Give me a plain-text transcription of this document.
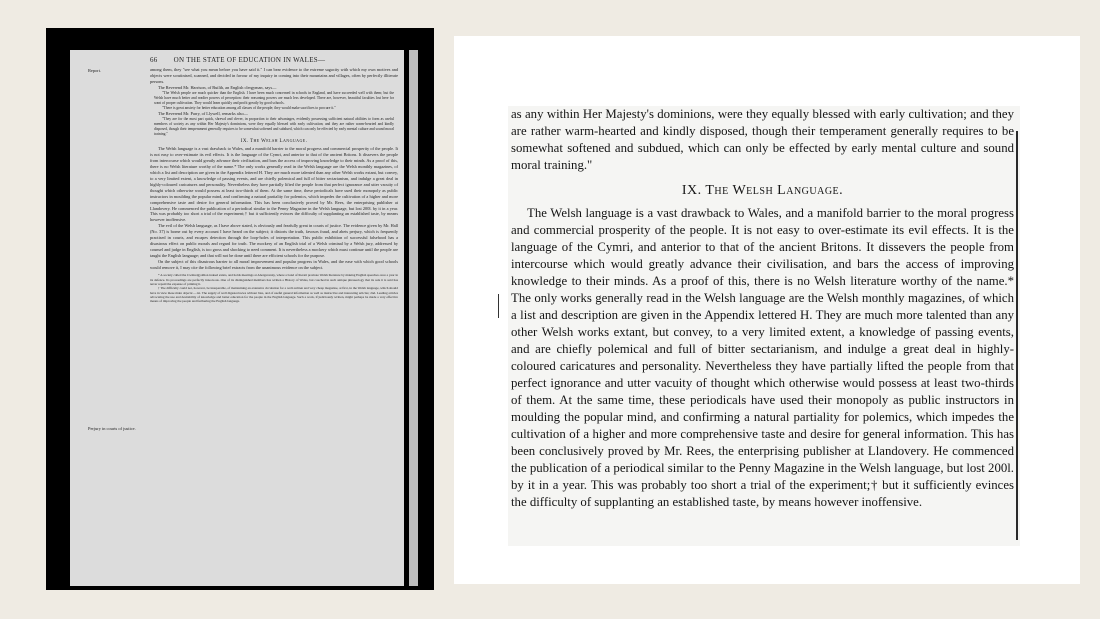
66 ON THE STATE OF EDUCATION IN WALES—
Report.
Perjury in courts of justice.

among them, they "see what you mean before you have said it." I can bear evidence to the extreme sagacity with which my own motives and objects were scrutinised, scanned, and decided in favour of my inquiry in coming into their mountains and villages, often by perfectly illiterate persons.

The Reverend Mr. Harrison, of Builth, an English clergyman, says—

"The Welsh people are much quicker than the English. I have been much concerned in schools in England, and have succeeded well with them; but the Welsh have much better and readier powers of perception: their reasoning powers are much less developed. There are, however, beautiful faculties lost here for want of proper cultivation. They would learn quickly and profit greatly by good schools.

"There is great anxiety for better education among all classes of the people; they would make sacrifices to procure it."

The Reverend Mr. Parry, of Llywell, remarks also—

"They are for the most part quick, shrewd and clever, in proportion to their advantages, evidently possessing sufficient natural abilities to form as useful members of society as any within Her Majesty's dominions, were they equally blessed with early cultivation; and they are rather warm-hearted and kindly disposed, though their temperament generally requires to be somewhat softened and subdued, which can only be effected by early mental culture and sound moral training."

IX. The Welsh Language.

The Welsh language is a vast drawback to Wales, and a manifold barrier to the moral progress and commercial prosperity of the people. It is not easy to over-estimate its evil effects. It is the language of the Cymri, and anterior to that of the ancient Britons. It dissevers the people from intercourse which would greatly advance their civilisation, and bars the access of improving knowledge to their minds. As a proof of this, there is no Welsh literature worthy of the name.* The only works generally read in the Welsh language are the Welsh monthly magazines, of which a list and description are given in the Appendix lettered H. They are much more talented than any other Welsh works extant, but convey, to a very limited extent, a knowledge of passing events, and are chiefly polemical and full of bitter sectarianism, and indulge a great deal in highly-coloured caricatures and personality. Nevertheless they have partially lifted the people from that perfect ignorance and utter vacuity of thought which otherwise would possess at least two-thirds of them. At the same time, these periodicals have used their monopoly as public instructors in moulding the popular mind, and confirming a natural partiality for polemics, which impedes the cultivation of a higher and more comprehensive taste and desire for general information. This has been conclusively proved by Mr. Rees, the enterprising publisher at Llandovery. He commenced the publication of a periodical similar to the Penny Magazine in the Welsh language, but lost 200l. by it in a year. This was probably too short a trial of the experiment;† but it sufficiently evinces the difficulty of supplanting an established taste, by means however inoffensive.

The evil of the Welsh language, as I have above stated, is obviously and fearfully great in courts of justice. The evidence given by Mr. Hall (No. 37) is borne out by every account I have heard on the subject; it distorts the truth, favours fraud, and abets perjury, which is frequently practised in courts, and escapes detection through the loop-holes of interpretation. This public exhibition of successful falsehood has a disastrous effect on public morals and regard for truth. The mockery of an English trial of a Welsh criminal by a Welsh jury, addressed by counsel and judge in English, is too gross and shocking to need comment. It is nevertheless a mockery which must continue until the people are taught the English language; and that will not be done until there are efficient schools for the purpose.

On the subject of this disastrous barrier to all moral improvement and popular progress in Wales, and the ease with which good schools would remove it, I may cite the following brief extracts from the unanimous evidence on the subject.

* A society called the Cwmreigyddion indeed exists, and holds meetings at Abergavenny, where a band of literati promote Welsh literature by making English speeches once a year in its defence. Its proceedings are perfectly innocuous. One of its distinguished members has written a History of Wales, but couched in such antique phraseology that its sale it is said has never repaid the expense of printing it.

† The difficulty could not, however, be insuperable, of maintaining an extensive circulation for a well-written and very cheap magazine, at first, in the Welsh language, which should have in view these main objects:—1st. The supply of well digested news without bias, and of useful general information as well as instructive and interesting articles; 2nd. Leading articles advocating the use and desirability of knowledge and better education for the people in the English language. Such a work, if judiciously written, might perhaps be made a very effective means of improving the people and furthering the English language.

as any within Her Majesty's dominions, were they equally blessed with early cultivation; and they are rather warm-hearted and kindly disposed, though their temperament generally requires to be somewhat softened and subdued, which can only be effected by early mental culture and sound moral training."

IX. The Welsh Language.

The Welsh language is a vast drawback to Wales, and a manifold barrier to the moral progress and commercial prosperity of the people. It is not easy to over-estimate its evil effects. It is the language of the Cymri, and anterior to that of the ancient Britons. It dissevers the people from intercourse which would greatly advance their civilisation, and bars the access of improving knowledge to their minds. As a proof of this, there is no Welsh literature worthy of the name.* The only works generally read in the Welsh language are the Welsh monthly magazines, of which a list and description are given in the Appendix lettered H. They are much more talented than any other Welsh works extant, but convey, to a very limited extent, a knowledge of passing events, and are chiefly polemical and full of bitter sectarianism, and indulge a great deal in highly-coloured caricatures and personality. Nevertheless they have partially lifted the people from that perfect ignorance and utter vacuity of thought which otherwise would possess at least two-thirds of them. At the same time, these periodicals have used their monopoly as public instructors in moulding the popular mind, and confirming a natural partiality for polemics, which impedes the cultivation of a higher and more comprehensive taste and desire for general information. This has been conclusively proved by Mr. Rees, the enterprising publisher at Llandovery. He commenced the publication of a periodical similar to the Penny Magazine in the Welsh language, but lost 200l. by it in a year. This was probably too short a trial of the experiment;† but it sufficiently evinces the difficulty of supplanting an established taste, by means however inoffensive.
